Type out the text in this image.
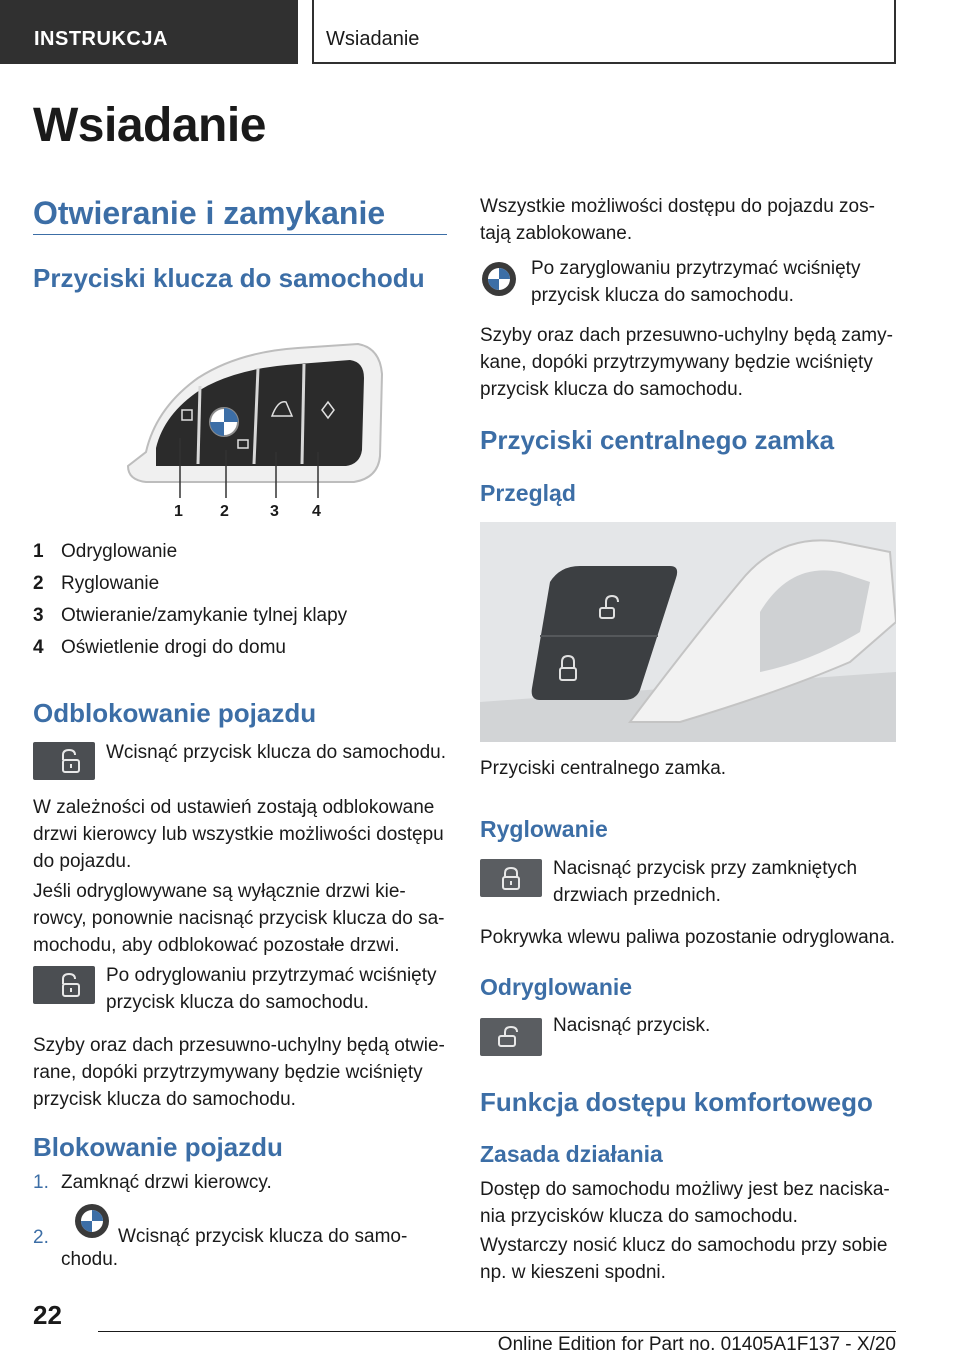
INSTRUKCJA	Wsiadanie
Wsiadanie
Otwieranie i zamykanie
Przyciski klucza do samochodu
1 2	3 4
1 Odryglowanie
2 Ryglowanie
3 Otwieranie/zamykanie tylnej klapy
4 Oświetlenie drogi do domu
Odblokowanie pojazdu
Wcisnąć przycisk klucza do samochodu.
W zależności od ustawień zostają odblokowane
drzwi kierowcy lub wszystkie możliwości dostępu
do pojazdu.
Jeśli odryglowywane są wyłącznie drzwi kie‐
rowcy, ponownie nacisnąć przycisk klucza do sa‐
mochodu, aby odblokować pozostałe drzwi.
Po odryglowaniu przytrzymać wciśnięty
przycisk klucza do samochodu.
Szyby oraz dach przesuwno-uchylny będą otwie‐
rane, dopóki przytrzymywany będzie wciśnięty
przycisk klucza do samochodu.
Blokowanie pojazdu
1. Zamknąć drzwi kierowcy.
2.	Wcisnąć przycisk klucza do samo‐
chodu.
Wszystkie możliwości dostępu do pojazdu zos‐
tają zablokowane.
Po zaryglowaniu przytrzymać wciśnięty
przycisk klucza do samochodu.
Szyby oraz dach przesuwno-uchylny będą zamy‐
kane, dopóki przytrzymywany będzie wciśnięty
przycisk klucza do samochodu.
Przyciski centralnego zamka
Przegląd
Przyciski centralnego zamka.
Ryglowanie
Nacisnąć przycisk przy zamkniętych
drzwiach przednich.
Pokrywka wlewu paliwa pozostanie odryglowana.
Odryglowanie
Nacisnąć przycisk.
Funkcja dostępu komfortowego
Zasada działania
Dostęp do samochodu możliwy jest bez naciska‐
nia przycisków klucza do samochodu.
Wystarczy nosić klucz do samochodu przy sobie
np. w kieszeni spodni.
22
Online Edition for Part no. 01405A1F137 - X/20
